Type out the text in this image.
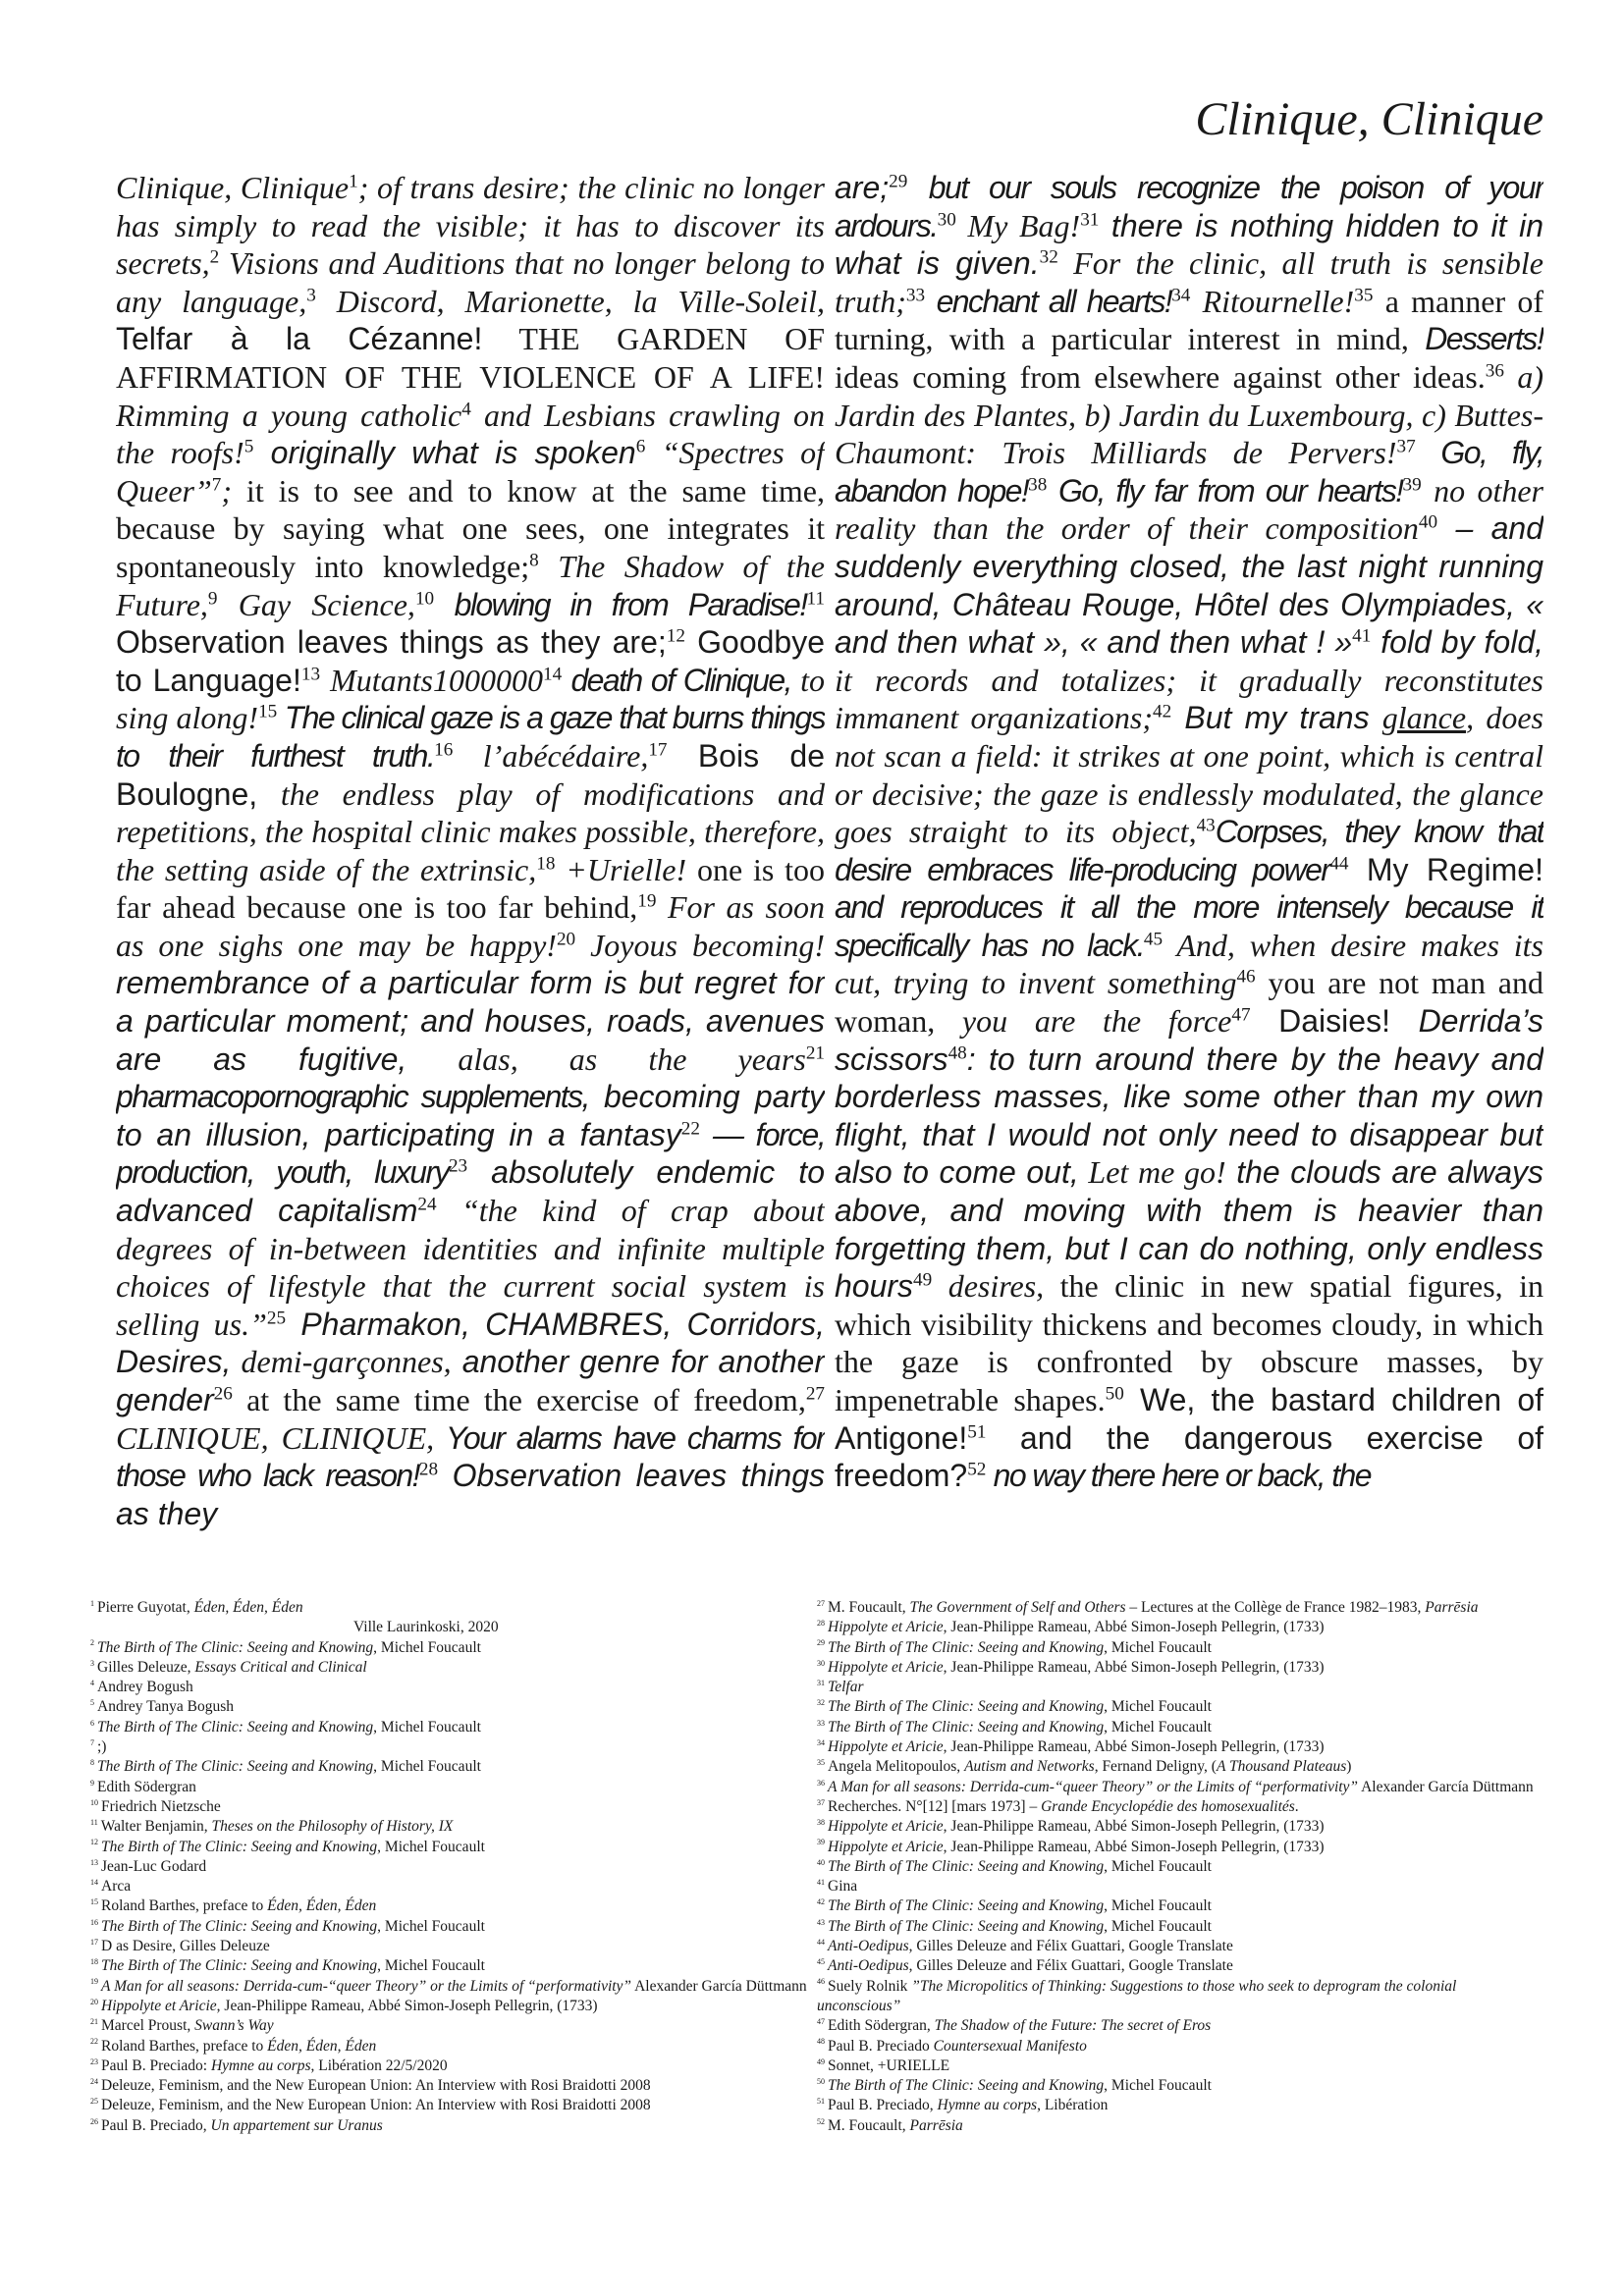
Clinique, Clinique

Clinique, Clinique$^1$; of trans desire; the clinic no longer has simply to read the visible; it has to discover its secrets,$^2$ Visions and Auditions that no longer belong to any language,$^3$ Discord, Marionette, la Ville-Soleil, Telfar à la Cézanne! THE GARDEN OF AFFIRMATION OF THE VIOLENCE OF A LIFE! Rimming a young catholic$^4$ and Lesbians crawling on the roofs!$^5$ originally what is spoken$^6$ “Spectres of Queer”$^7$; it is to see and to know at the same time, because by saying what one sees, one integrates it spontaneously into knowledge;$^8$ The Shadow of the Future,$^9$ Gay Science,$^{10}$ blowing in from Paradise!$^{11}$ Observation leaves things as they are;$^{12}$ Goodbye to Language!$^{13}$ Mutants1000000$^{14}$ death of Clinique, to sing along!$^{15}$ The clinical gaze is a gaze that burns things to their furthest truth.$^{16}$ l’abécédaire,$^{17}$ Bois de Boulogne, the endless play of modifications and repetitions, the hospital clinic makes possible, therefore, the setting aside of the extrinsic,$^{18}$ +Urielle! one is too far ahead because one is too far behind,$^{19}$ For as soon as one sighs one may be happy!$^{20}$ Joyous becoming! remembrance of a particular form is but regret for a particular moment; and houses, roads, avenues are as fugitive, alas, as the years$^{21}$ pharmacopornographic supplements, becoming party to an illusion, participating in a fantasy$^{22}$ — force, production, youth, luxury$^{23}$ absolutely endemic to advanced capitalism$^{24}$ “the kind of crap about degrees of in-between identities and infinite multiple choices of lifestyle that the current social system is selling us.”$^{25}$ Pharmakon, CHAMBRES, Corridors, Desires, demi-garçonnes, another genre for another gender$^{26}$ at the same time the exercise of freedom,$^{27}$ CLINIQUE, CLINIQUE, Your alarms have charms for those who lack reason!$^{28}$ Observation leaves things as they

are;$^{29}$ but our souls recognize the poison of your ardours.$^{30}$ My Bag!$^{31}$ there is nothing hidden to it in what is given.$^{32}$ For the clinic, all truth is sensible truth;$^{33}$ enchant all hearts!$^{34}$ Ritournelle!$^{35}$ a manner of turning, with a particular interest in mind, Desserts! ideas coming from elsewhere against other ideas.$^{36}$ a) Jardin des Plantes, b) Jardin du Luxembourg, c) Buttes-Chaumont: Trois Milliards de Pervers!$^{37}$ Go, fly, abandon hope!$^{38}$ Go, fly far from our hearts!$^{39}$ no other reality than the order of their composition$^{40}$ – and suddenly everything closed, the last night running around, Château Rouge, Hôtel des Olympiades, « and then what », « and then what ! »$^{41}$ fold by fold, it records and totalizes; it gradually reconstitutes immanent organizations;$^{42}$ But my trans glance, does not scan a field: it strikes at one point, which is central or decisive; the gaze is endlessly modulated, the glance goes straight to its object,$^{43}$Corpses, they know that desire embraces life-producing power$^{44}$ My Regime! and reproduces it all the more intensely because it specifically has no lack.$^{45}$ And, when desire makes its cut, trying to invent something$^{46}$ you are not man and woman, you are the force$^{47}$ Daisies! Derrida’s scissors$^{48}$: to turn around there by the heavy and borderless masses, like some other than my own flight, that I would not only need to disappear but also to come out, Let me go! the clouds are always above, and moving with them is heavier than forgetting them, but I can do nothing, only endless hours$^{49}$ desires, the clinic in new spatial figures, in which visibility thickens and becomes cloudy, in which the gaze is confronted by obscure masses, by impenetrable shapes.$^{50}$ We, the bastard children of Antigone!$^{51}$ and the dangerous exercise of freedom?$^{52}$ no way there here or back, the

$^1$ Pierre Guyotat, Éden, Éden, Éden
Ville Laurinkoski, 2020
$^2$ The Birth of The Clinic: Seeing and Knowing, Michel Foucault
$^3$ Gilles Deleuze, Essays Critical and Clinical
$^4$ Andrey Bogush
$^5$ Andrey Tanya Bogush
$^6$ The Birth of The Clinic: Seeing and Knowing, Michel Foucault
$^7$ ;)
$^8$ The Birth of The Clinic: Seeing and Knowing, Michel Foucault
$^9$ Edith Södergran
$^{10}$ Friedrich Nietzsche
$^{11}$ Walter Benjamin, Theses on the Philosophy of History, IX
$^{12}$ The Birth of The Clinic: Seeing and Knowing, Michel Foucault
$^{13}$ Jean-Luc Godard
$^{14}$ Arca
$^{15}$ Roland Barthes, preface to Éden, Éden, Éden
$^{16}$ The Birth of The Clinic: Seeing and Knowing, Michel Foucault
$^{17}$ D as Desire, Gilles Deleuze
$^{18}$ The Birth of The Clinic: Seeing and Knowing, Michel Foucault
$^{19}$ A Man for all seasons: Derrida-cum-“queer Theory” or the Limits of “performativity” Alexander García Düttmann
$^{20}$ Hippolyte et Aricie, Jean-Philippe Rameau, Abbé Simon-Joseph Pellegrin, (1733)
$^{21}$ Marcel Proust, Swann’s Way
$^{22}$ Roland Barthes, preface to Éden, Éden, Éden
$^{23}$ Paul B. Preciado: Hymne au corps, Libération 22/5/2020
$^{24}$ Deleuze, Feminism, and the New European Union: An Interview with Rosi Braidotti 2008
$^{25}$ Deleuze, Feminism, and the New European Union: An Interview with Rosi Braidotti 2008
$^{26}$ Paul B. Preciado, Un appartement sur Uranus
$^{27}$ M. Foucault, The Government of Self and Others – Lectures at the Collège de France 1982–1983, Parrēsia
$^{28}$ Hippolyte et Aricie, Jean-Philippe Rameau, Abbé Simon-Joseph Pellegrin, (1733)
$^{29}$ The Birth of The Clinic: Seeing and Knowing, Michel Foucault
$^{30}$ Hippolyte et Aricie, Jean-Philippe Rameau, Abbé Simon-Joseph Pellegrin, (1733)
$^{31}$ Telfar
$^{32}$ The Birth of The Clinic: Seeing and Knowing, Michel Foucault
$^{33}$ The Birth of The Clinic: Seeing and Knowing, Michel Foucault
$^{34}$ Hippolyte et Aricie, Jean-Philippe Rameau, Abbé Simon-Joseph Pellegrin, (1733)
$^{35}$ Angela Melitopoulos, Autism and Networks, Fernand Deligny, (A Thousand Plateaus)
$^{36}$ A Man for all seasons: Derrida-cum-“queer Theory” or the Limits of “performativity” Alexander García Düttmann
$^{37}$ Recherches. N°[12] [mars 1973] – Grande Encyclopédie des homosexualités.
$^{38}$ Hippolyte et Aricie, Jean-Philippe Rameau, Abbé Simon-Joseph Pellegrin, (1733)
$^{39}$ Hippolyte et Aricie, Jean-Philippe Rameau, Abbé Simon-Joseph Pellegrin, (1733)
$^{40}$ The Birth of The Clinic: Seeing and Knowing, Michel Foucault
$^{41}$ Gina
$^{42}$ The Birth of The Clinic: Seeing and Knowing, Michel Foucault
$^{43}$ The Birth of The Clinic: Seeing and Knowing, Michel Foucault
$^{44}$ Anti-Oedipus, Gilles Deleuze and Félix Guattari, Google Translate
$^{45}$ Anti-Oedipus, Gilles Deleuze and Félix Guattari, Google Translate
$^{46}$ Suely Rolnik ”The Micropolitics of Thinking: Suggestions to those who seek to deprogram the colonial unconscious”
$^{47}$ Edith Södergran, The Shadow of the Future: The secret of Eros
$^{48}$ Paul B. Preciado Countersexual Manifesto
$^{49}$ Sonnet, +URIELLE
$^{50}$ The Birth of The Clinic: Seeing and Knowing, Michel Foucault
$^{51}$ Paul B. Preciado, Hymne au corps, Libération
$^{52}$ M. Foucault, Parrēsia
